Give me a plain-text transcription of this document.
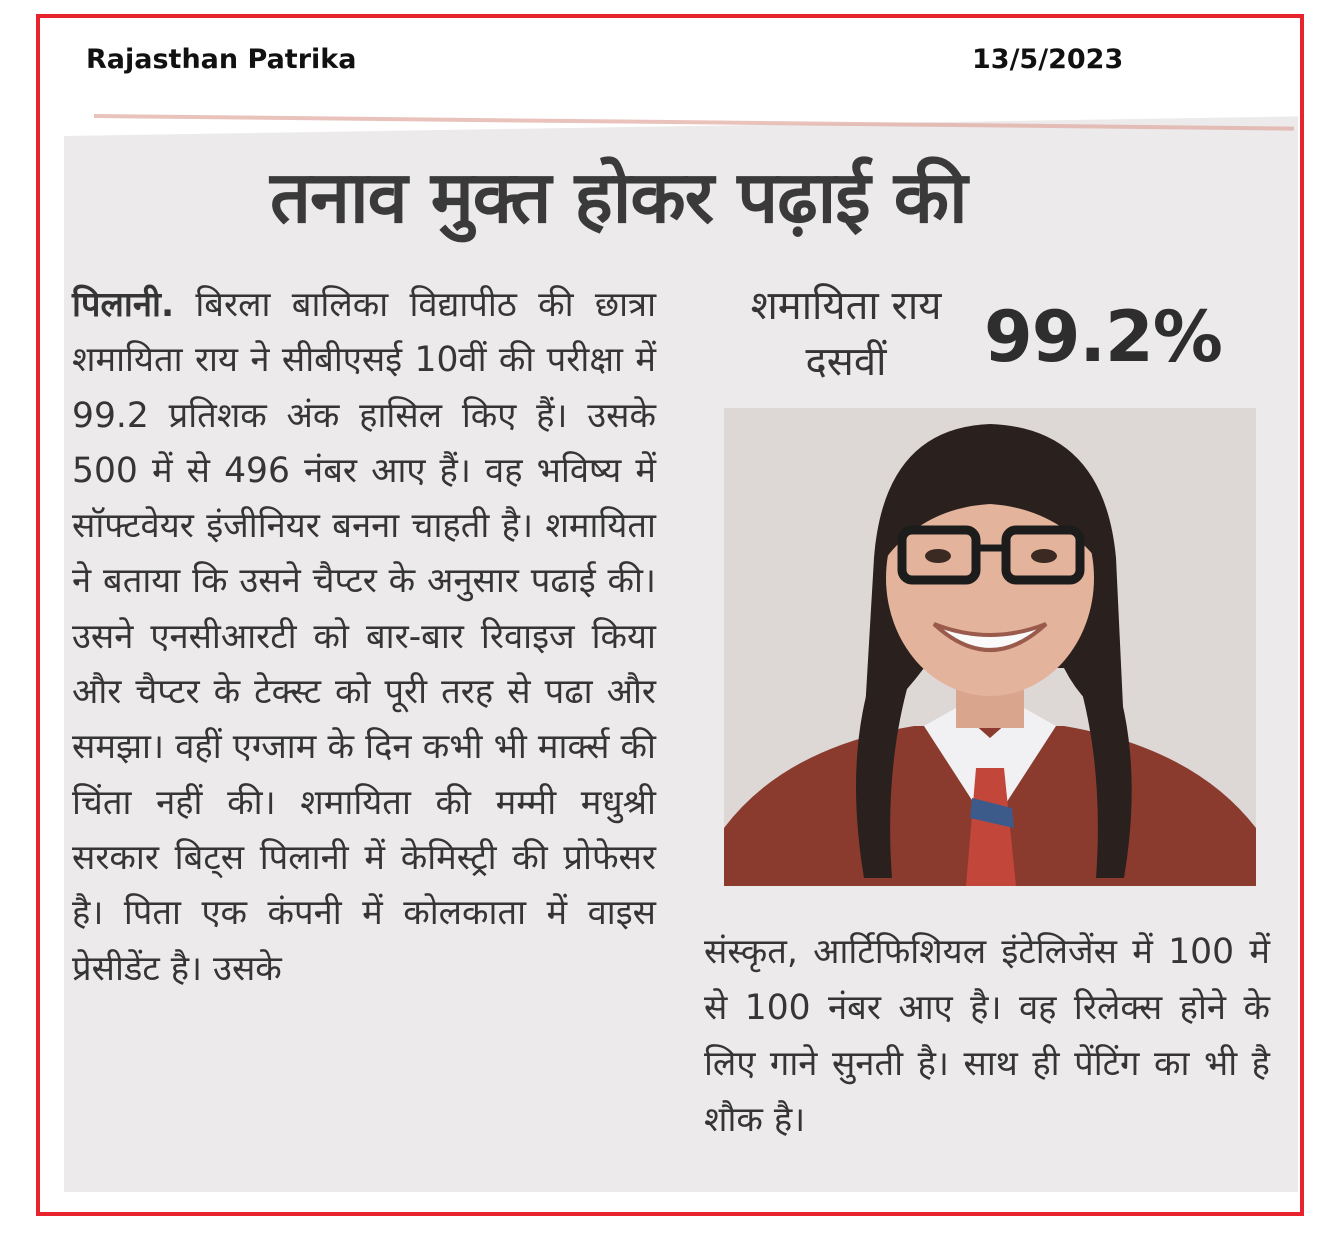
Rajasthan Patrika	13/5/2023
तनाव मुक्त होकर पढ़ाई की

पिलानी. बिरला बालिका विद्यापीठ की छात्रा शमायिता राय ने सीबीएसई 10वीं की परीक्षा में 99.2 प्रतिशक अंक हासिल किए हैं। उसके 500 में से 496 नंबर आए हैं। वह भविष्य में सॉफ्टवेयर इंजीनियर बनना चाहती है। शमायिता ने बताया कि उसने चैप्टर के अनुसार पढाई की। उसने एनसीआरटी को बार-बार रिवाइज किया और चैप्टर के टेक्स्ट को पूरी तरह से पढा और समझा। वहीं एग्जाम के दिन कभी भी मार्क्स की चिंता नहीं की। शमायिता की मम्मी मधुश्री सरकार बिट्स पिलानी में केमिस्ट्री की प्रोफेसर है। पिता एक कंपनी में कोलकाता में वाइस प्रेसीडेंट है। उसके

शमायिता राय
दसवीं	99.2%

संस्कृत, आर्टिफिशियल इंटेलिजेंस में 100 में से 100 नंबर आए है। वह रिलेक्स होने के लिए गाने सुनती है। साथ ही पेंटिंग का भी है शौक है।
